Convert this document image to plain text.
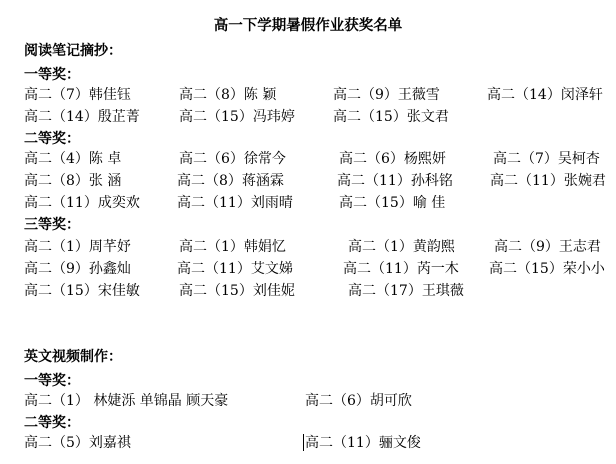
高一下学期暑假作业获奖名单
阅读笔记摘抄：
一等奖：
高二（7）韩佳钰	高二（8）陈 颖	高二（9）王薇雪	高二（14）闵泽轩
高二（14）殷芷菁	高二（15）冯玮婷	高二（15）张文君
二等奖：
高二（4）陈 卓	高二（6）徐常今	高二（6）杨熙妍	高二（7）吴柯杏
高二（8）张 涵	高二（8）蒋涵霖	高二（11）孙科铭	高二（11）张婉君
高二（11）成奕欢	高二（11）刘雨晴	高二（15）喻 佳
三等奖：
高二（1）周芊妤	高二（1）韩娟忆	高二（1）黄韵熙	高二（9）王志君
高二（9）孙鑫灿	高二（11）艾文娣	高二（11）芮一木 高二（15）荣小小
高二（15）宋佳敏	高二（15）刘佳妮	高二（17）王琪薇
英文视频制作：
一等奖：
高二（1） 林婕泺 单锦晶 顾天豪	高二（6）胡可欣
二等奖：
高二（5）刘嘉祺	高二（11）骊文俊
